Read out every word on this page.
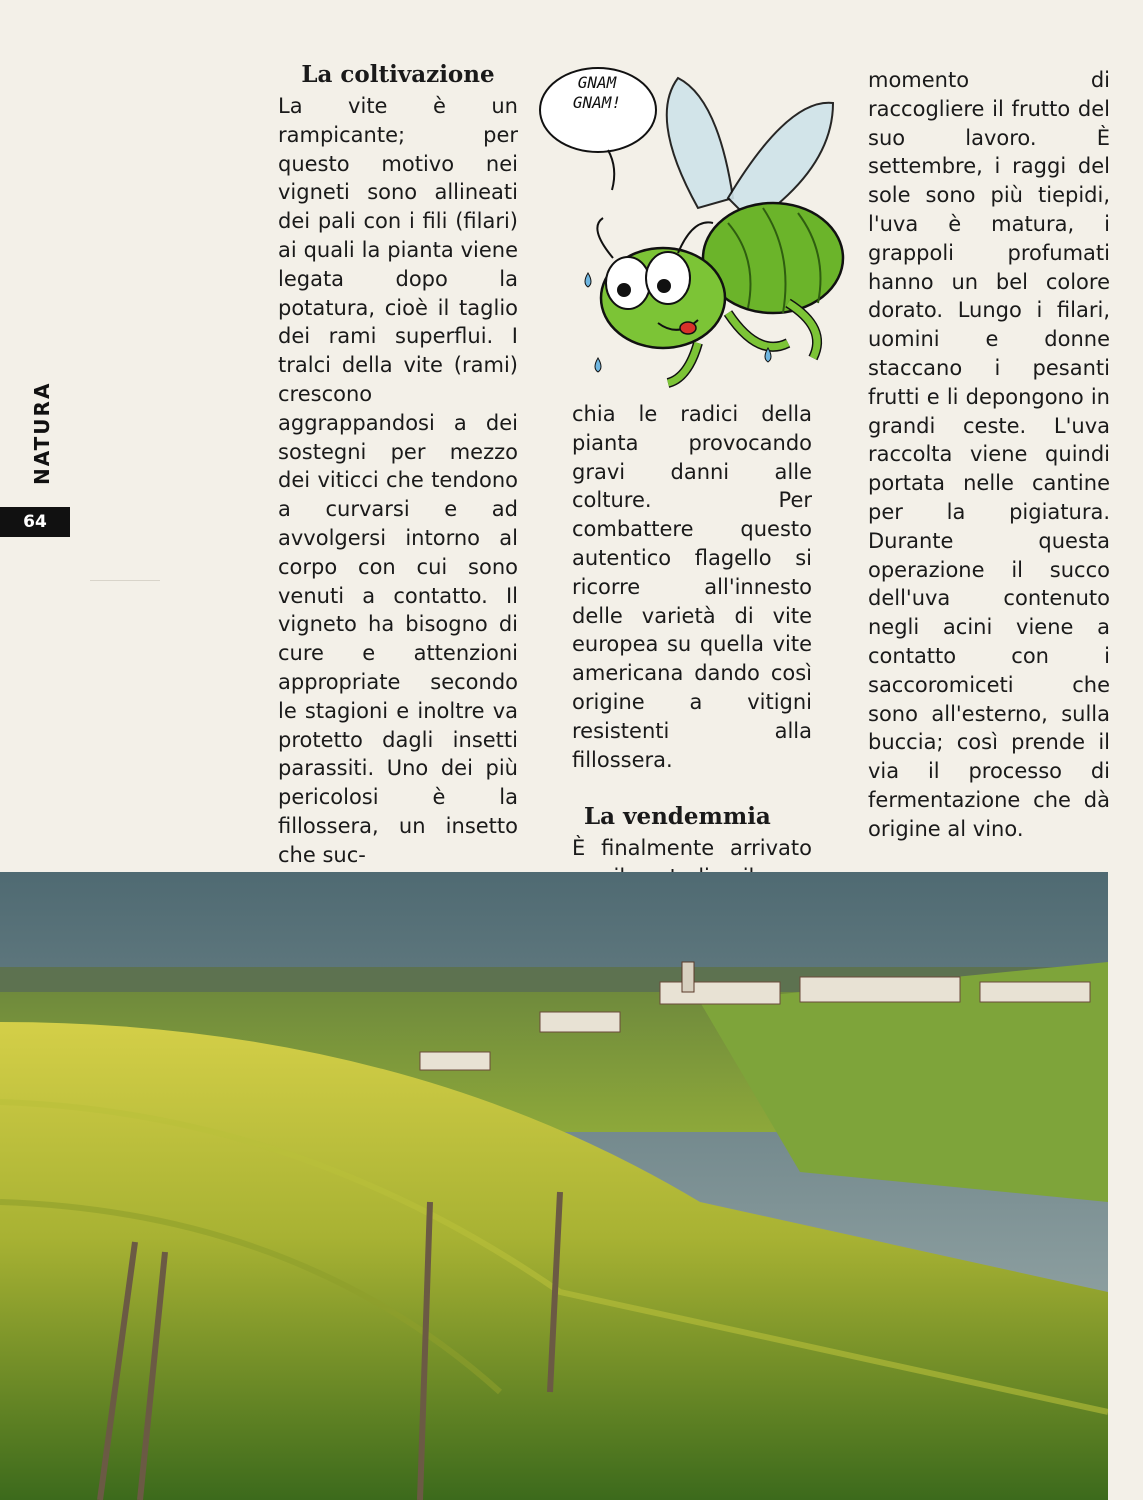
NATURA
64
La coltivazione

La vite è un rampicante; per questo motivo nei vigneti sono allineati dei pali con i fili (filari) ai quali la pianta viene legata dopo la potatura, cioè il taglio dei rami superflui. I tralci della vite (rami) crescono aggrappandosi a dei sostegni per mezzo dei viticci che tendono a curvarsi e ad avvolgersi intorno al corpo con cui sono venuti a contatto. Il vigneto ha bisogno di cure e attenzioni appropriate secondo le stagioni e inoltre va protetto dagli insetti parassiti. Uno dei più pericolosi è la fillossera, un insetto che suc-

GNAM
GNAM!

chia le radici della pianta provocando gravi danni alle colture. Per combattere questo autentico flagello si ricorre all'innesto delle varietà di vite europea su quella vite americana dando così origine a vitigni resistenti alla fillossera.

La vendemmia

È finalmente arrivato

momento di raccogliere il frutto del suo lavoro. È settembre, i raggi del sole sono più tiepidi, l'uva è matura, i grappoli profumati hanno un bel colore dorato. Lungo i filari, uomini e donne staccano i pesanti frutti e li depongono in grandi ceste. L'uva raccolta viene quindi portata nelle cantine per la pigiatura. Durante questa operazione il succo dell'uva contenuto negli acini viene a contatto con i saccoromiceti che sono all'esterno, sulla buccia; così prende il via il processo di fermentazione che dà origine al vino.
